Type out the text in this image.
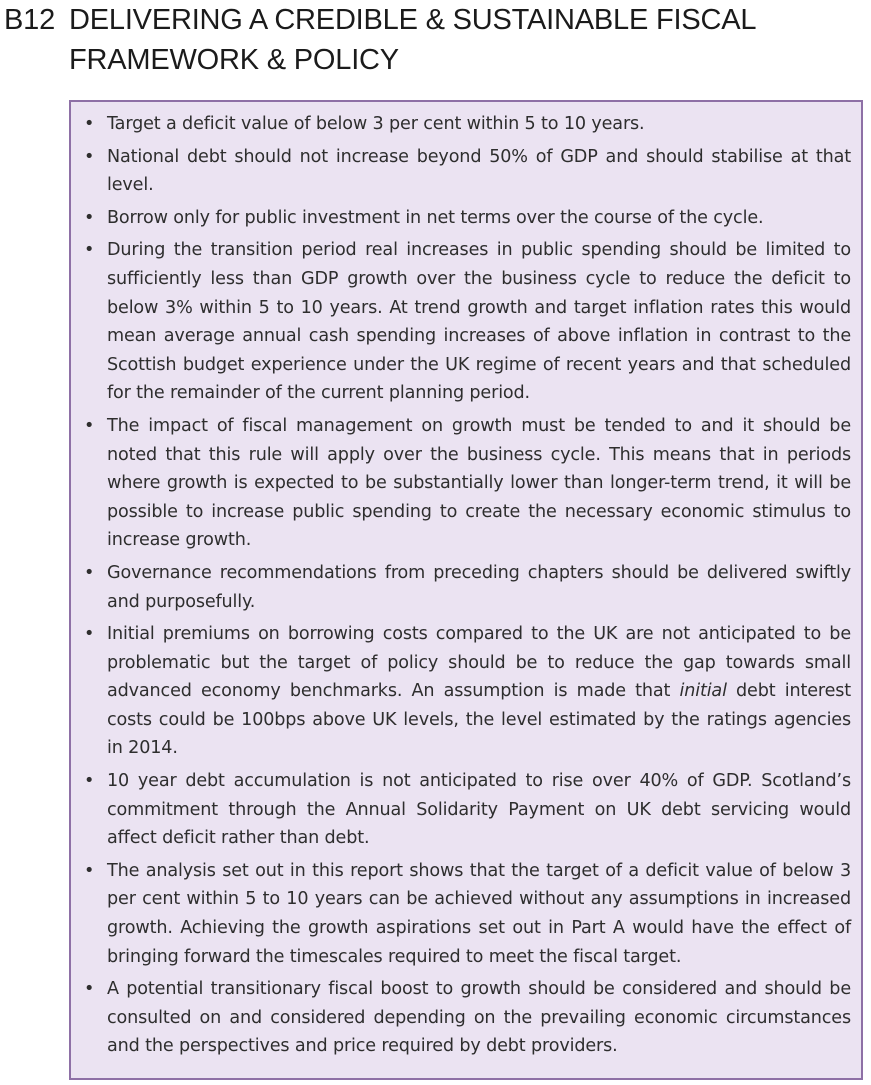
B12 DELIVERING A CREDIBLE & SUSTAINABLE FISCAL FRAMEWORK & POLICY
• Target a deficit value of below 3 per cent within 5 to 10 years.
• National debt should not increase beyond 50% of GDP and should stabilise at that level.
• Borrow only for public investment in net terms over the course of the cycle.
• During the transition period real increases in public spending should be limited to sufficiently less than GDP growth over the business cycle to reduce the deficit to below 3% within 5 to 10 years. At trend growth and target inflation rates this would mean average annual cash spending increases of above inflation in contrast to the Scottish budget experience under the UK regime of recent years and that scheduled for the remainder of the current planning period.
• The impact of fiscal management on growth must be tended to and it should be noted that this rule will apply over the business cycle. This means that in periods where growth is expected to be substantially lower than longer-term trend, it will be possible to increase public spending to create the necessary economic stimulus to increase growth.
• Governance recommendations from preceding chapters should be delivered swiftly and purposefully.
• Initial premiums on borrowing costs compared to the UK are not anticipated to be problematic but the target of policy should be to reduce the gap towards small advanced economy benchmarks. An assumption is made that initial debt interest costs could be 100bps above UK levels, the level estimated by the ratings agencies in 2014.
• 10 year debt accumulation is not anticipated to rise over 40% of GDP. Scotland’s commitment through the Annual Solidarity Payment on UK debt servicing would affect deficit rather than debt.
• The analysis set out in this report shows that the target of a deficit value of below 3 per cent within 5 to 10 years can be achieved without any assumptions in increased growth. Achieving the growth aspirations set out in Part A would have the effect of bringing forward the timescales required to meet the fiscal target.
• A potential transitionary fiscal boost to growth should be considered and should be consulted on and considered depending on the prevailing economic circumstances and the perspectives and price required by debt providers.
